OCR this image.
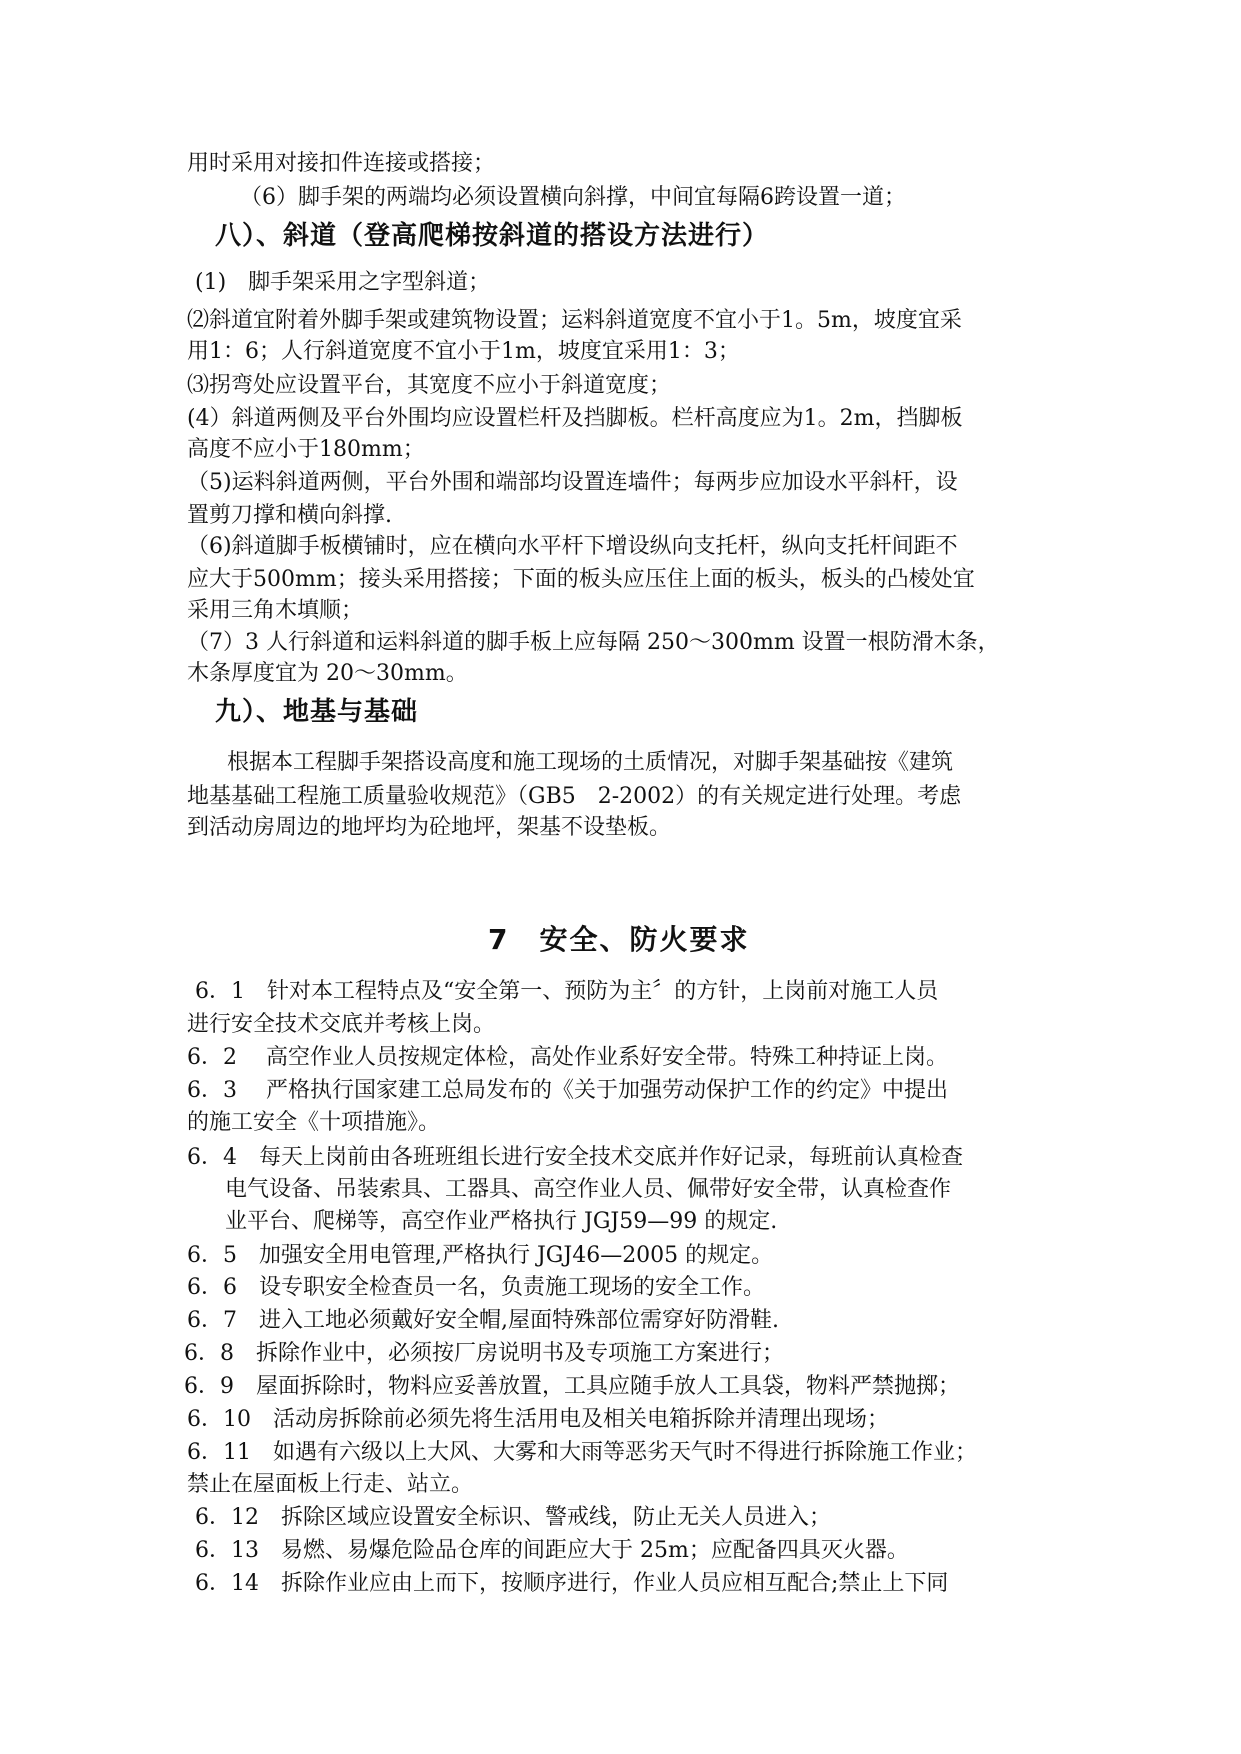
用时采用对接扣件连接或搭接；
（6）脚手架的两端均必须设置横向斜撑，中间宜每隔6跨设置一道；
八）、斜道（登高爬梯按斜道的搭设方法进行）
(1)　脚手架采用之字型斜道；
⑵斜道宜附着外脚手架或建筑物设置；运料斜道宽度不宜小于1。5m，坡度宜采
用1：6；人行斜道宽度不宜小于1m，坡度宜采用1：3；
⑶拐弯处应设置平台，其宽度不应小于斜道宽度；
(4）斜道两侧及平台外围均应设置栏杆及挡脚板。栏杆高度应为1。2m，挡脚板
高度不应小于180mm；
（5)运料斜道两侧，平台外围和端部均设置连墙件；每两步应加设水平斜杆，设
置剪刀撑和横向斜撑.
（6)斜道脚手板横铺时，应在横向水平杆下增设纵向支托杆，纵向支托杆间距不
应大于500mm；接头采用搭接；下面的板头应压住上面的板头，板头的凸棱处宜
采用三角木填顺；
（7）3 人行斜道和运料斜道的脚手板上应每隔 250～300mm 设置一根防滑木条，
木条厚度宜为 20～30mm。
九）、地基与基础
根据本工程脚手架搭设高度和施工现场的土质情况，对脚手架基础按《建筑
地基基础工程施工质量验收规范》（GB5　2-2002）的有关规定进行处理。考虑
到活动房周边的地坪均为砼地坪，架基不设垫板。
7　安全、防火要求
6．1　针对本工程特点及“安全第一、预防为主〞的方针，上岗前对施工人员
进行安全技术交底并考核上岗。
6．2　 高空作业人员按规定体检，高处作业系好安全带。特殊工种持证上岗。
6．3　 严格执行国家建工总局发布的《关于加强劳动保护工作的约定》中提出
的施工安全《十项措施》。
6．4　每天上岗前由各班班组长进行安全技术交底并作好记录，每班前认真检查
电气设备、吊装索具、工器具、高空作业人员、佩带好安全带，认真检查作
业平台、爬梯等，高空作业严格执行 JGJ59—99 的规定.
6．5　加强安全用电管理,严格执行 JGJ46—2005 的规定。
6．6　设专职安全检查员一名，负责施工现场的安全工作。
6．7　进入工地必须戴好安全帽,屋面特殊部位需穿好防滑鞋.
6．8　拆除作业中，必须按厂房说明书及专项施工方案进行；
6．9　屋面拆除时，物料应妥善放置，工具应随手放人工具袋，物料严禁抛掷；
6．10　活动房拆除前必须先将生活用电及相关电箱拆除并清理出现场；
6．11　如遇有六级以上大风、大雾和大雨等恶劣天气时不得进行拆除施工作业；
禁止在屋面板上行走、站立。
6．12　拆除区域应设置安全标识、警戒线，防止无关人员进入；
6．13　易燃、易爆危险品仓库的间距应大于 25m；应配备四具灭火器。
6．14　拆除作业应由上而下，按顺序进行，作业人员应相互配合;禁止上下同
